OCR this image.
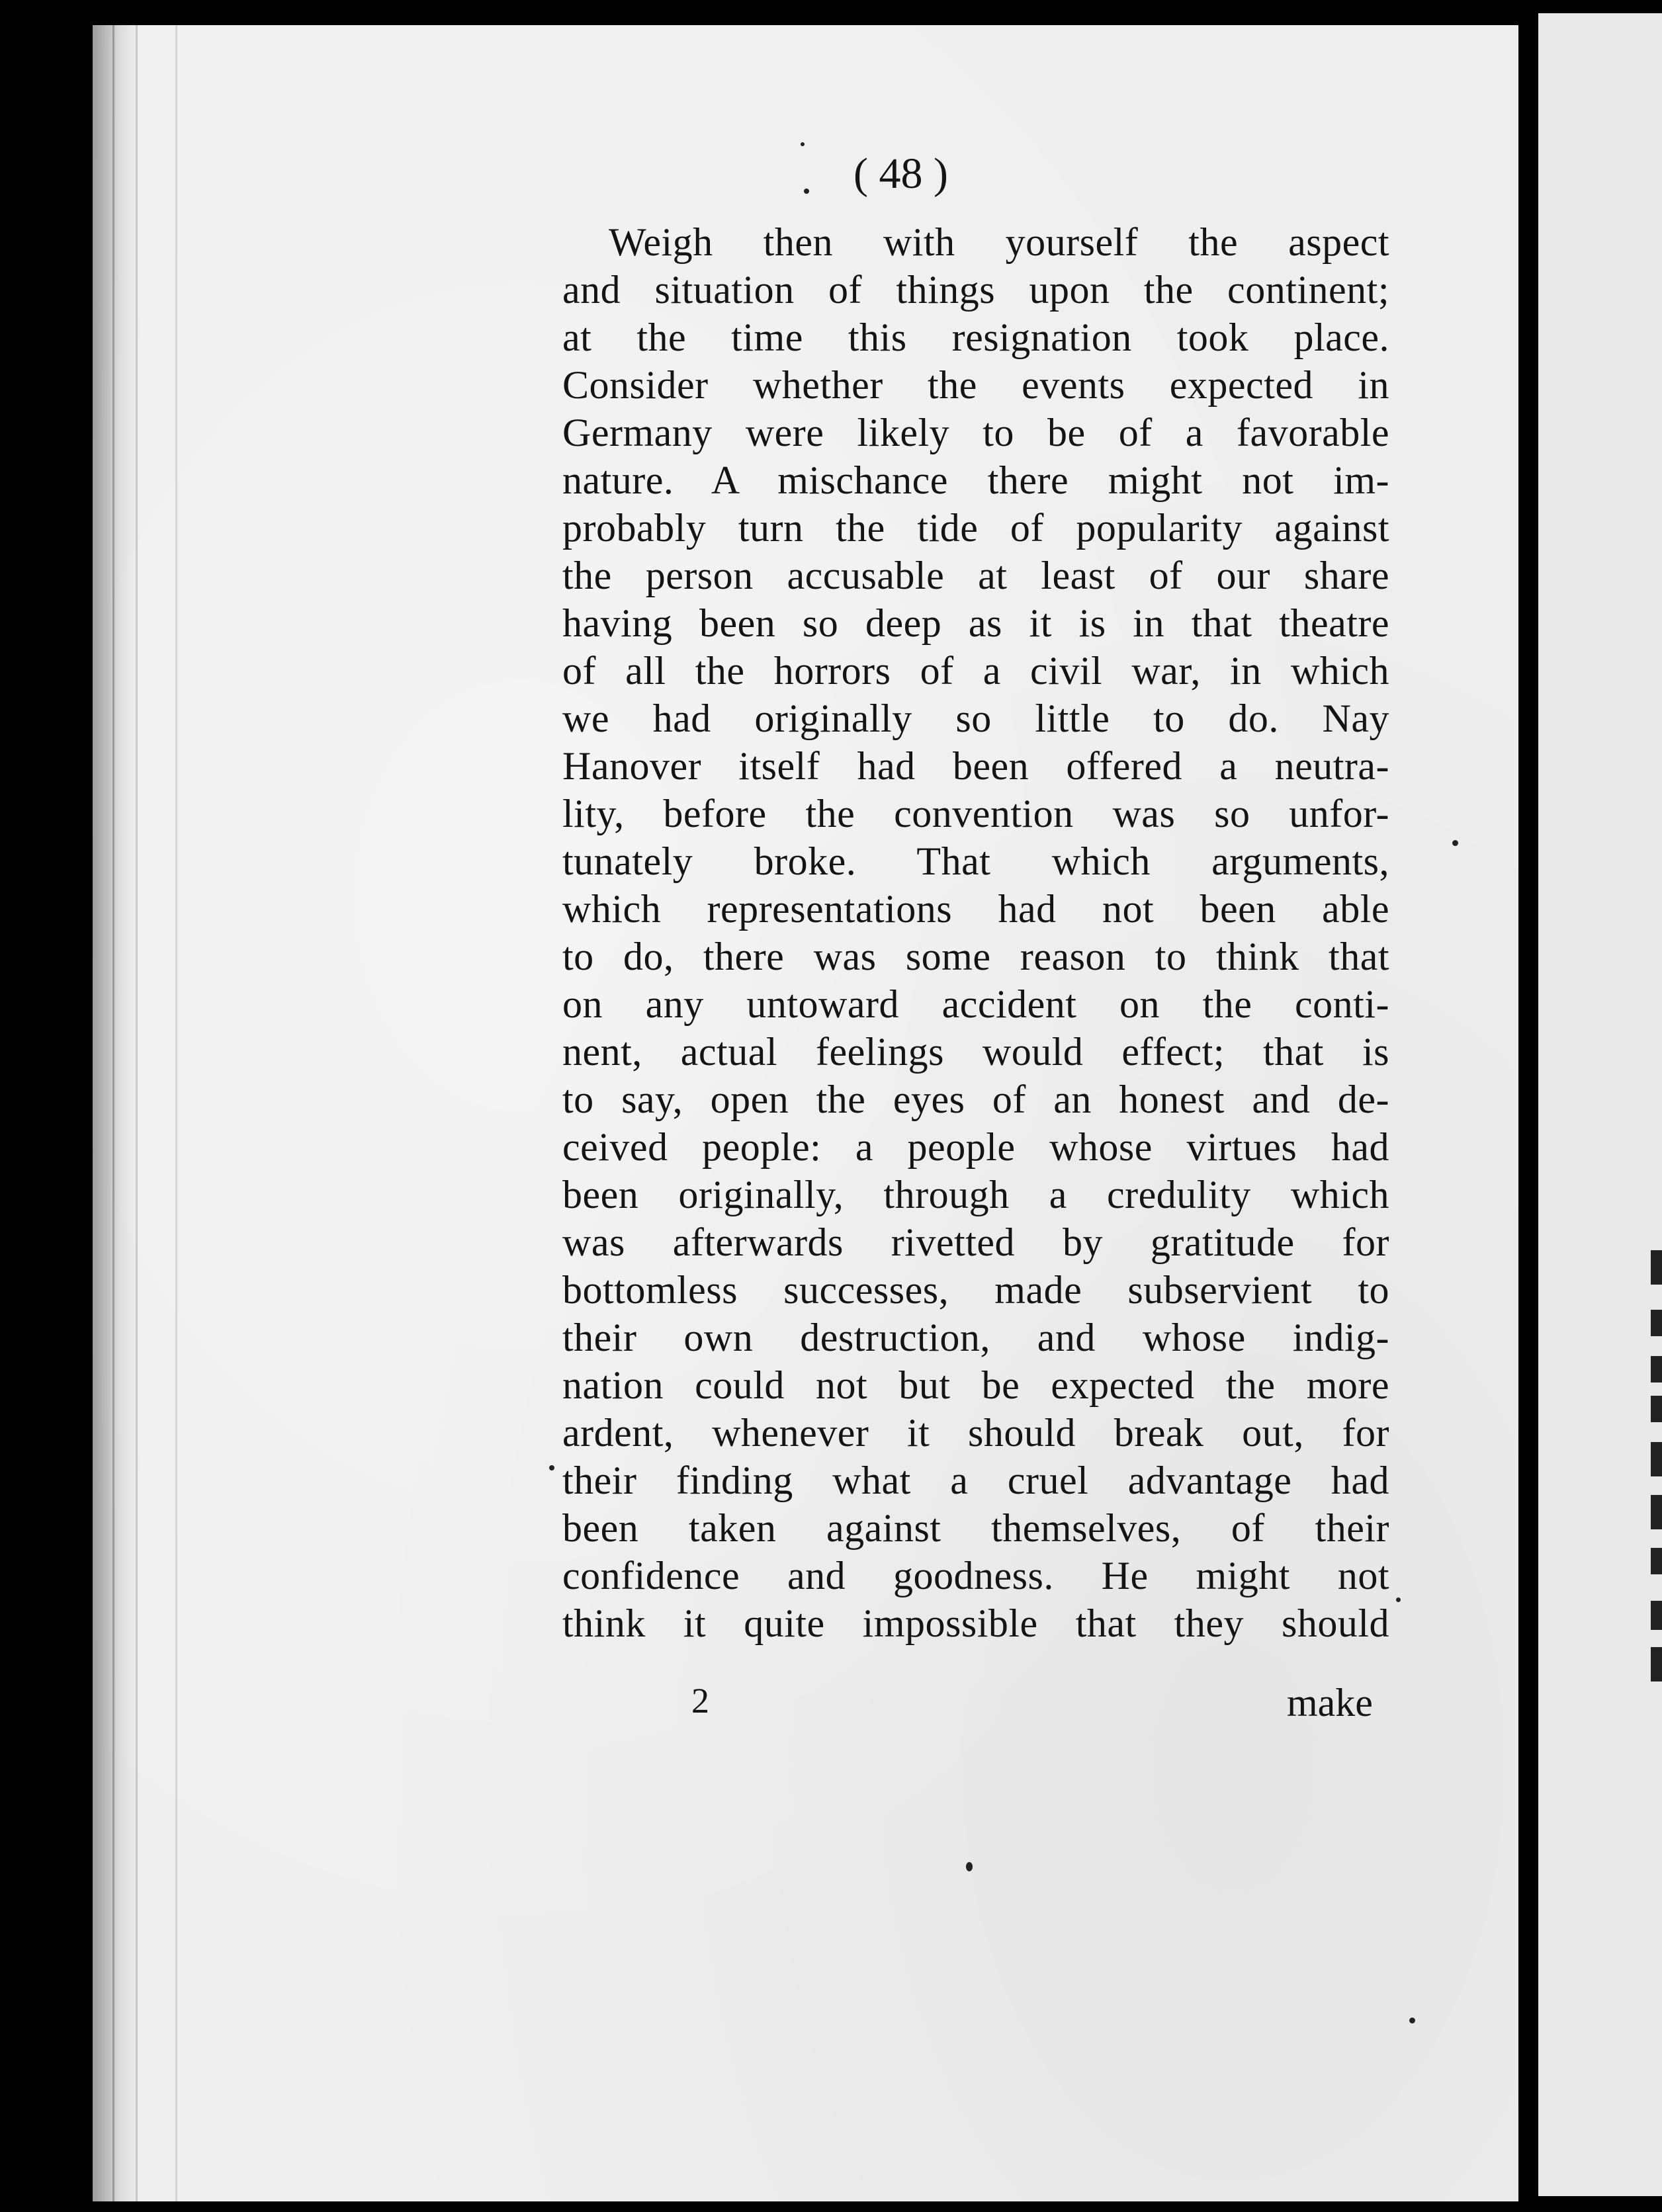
( 48 )
Weigh then with yourself the aspect
and situation of things upon the continent;
at the time this resignation took place.
Consider whether the events expected in
Germany were likely to be of a favorable
nature. A mischance there might not im-
probably turn the tide of popularity against
the person accusable at least of our share
having been so deep as it is in that theatre
of all the horrors of a civil war, in which
we had originally so little to do. Nay
Hanover itself had been offered a neutra-
lity, before the convention was so unfor-
tunately broke. That which arguments,
which representations had not been able
to do, there was some reason to think that
on any untoward accident on the conti-
nent, actual feelings would effect; that is
to say, open the eyes of an honest and de-
ceived people: a people whose virtues had
been originally, through a credulity which
was afterwards rivetted by gratitude for
bottomless successes, made subservient to
their own destruction, and whose indig-
nation could not but be expected the more
ardent, whenever it should break out, for
their finding what a cruel advantage had
been taken against themselves, of their
confidence and goodness. He might not
think it quite impossible that they should
2	make
